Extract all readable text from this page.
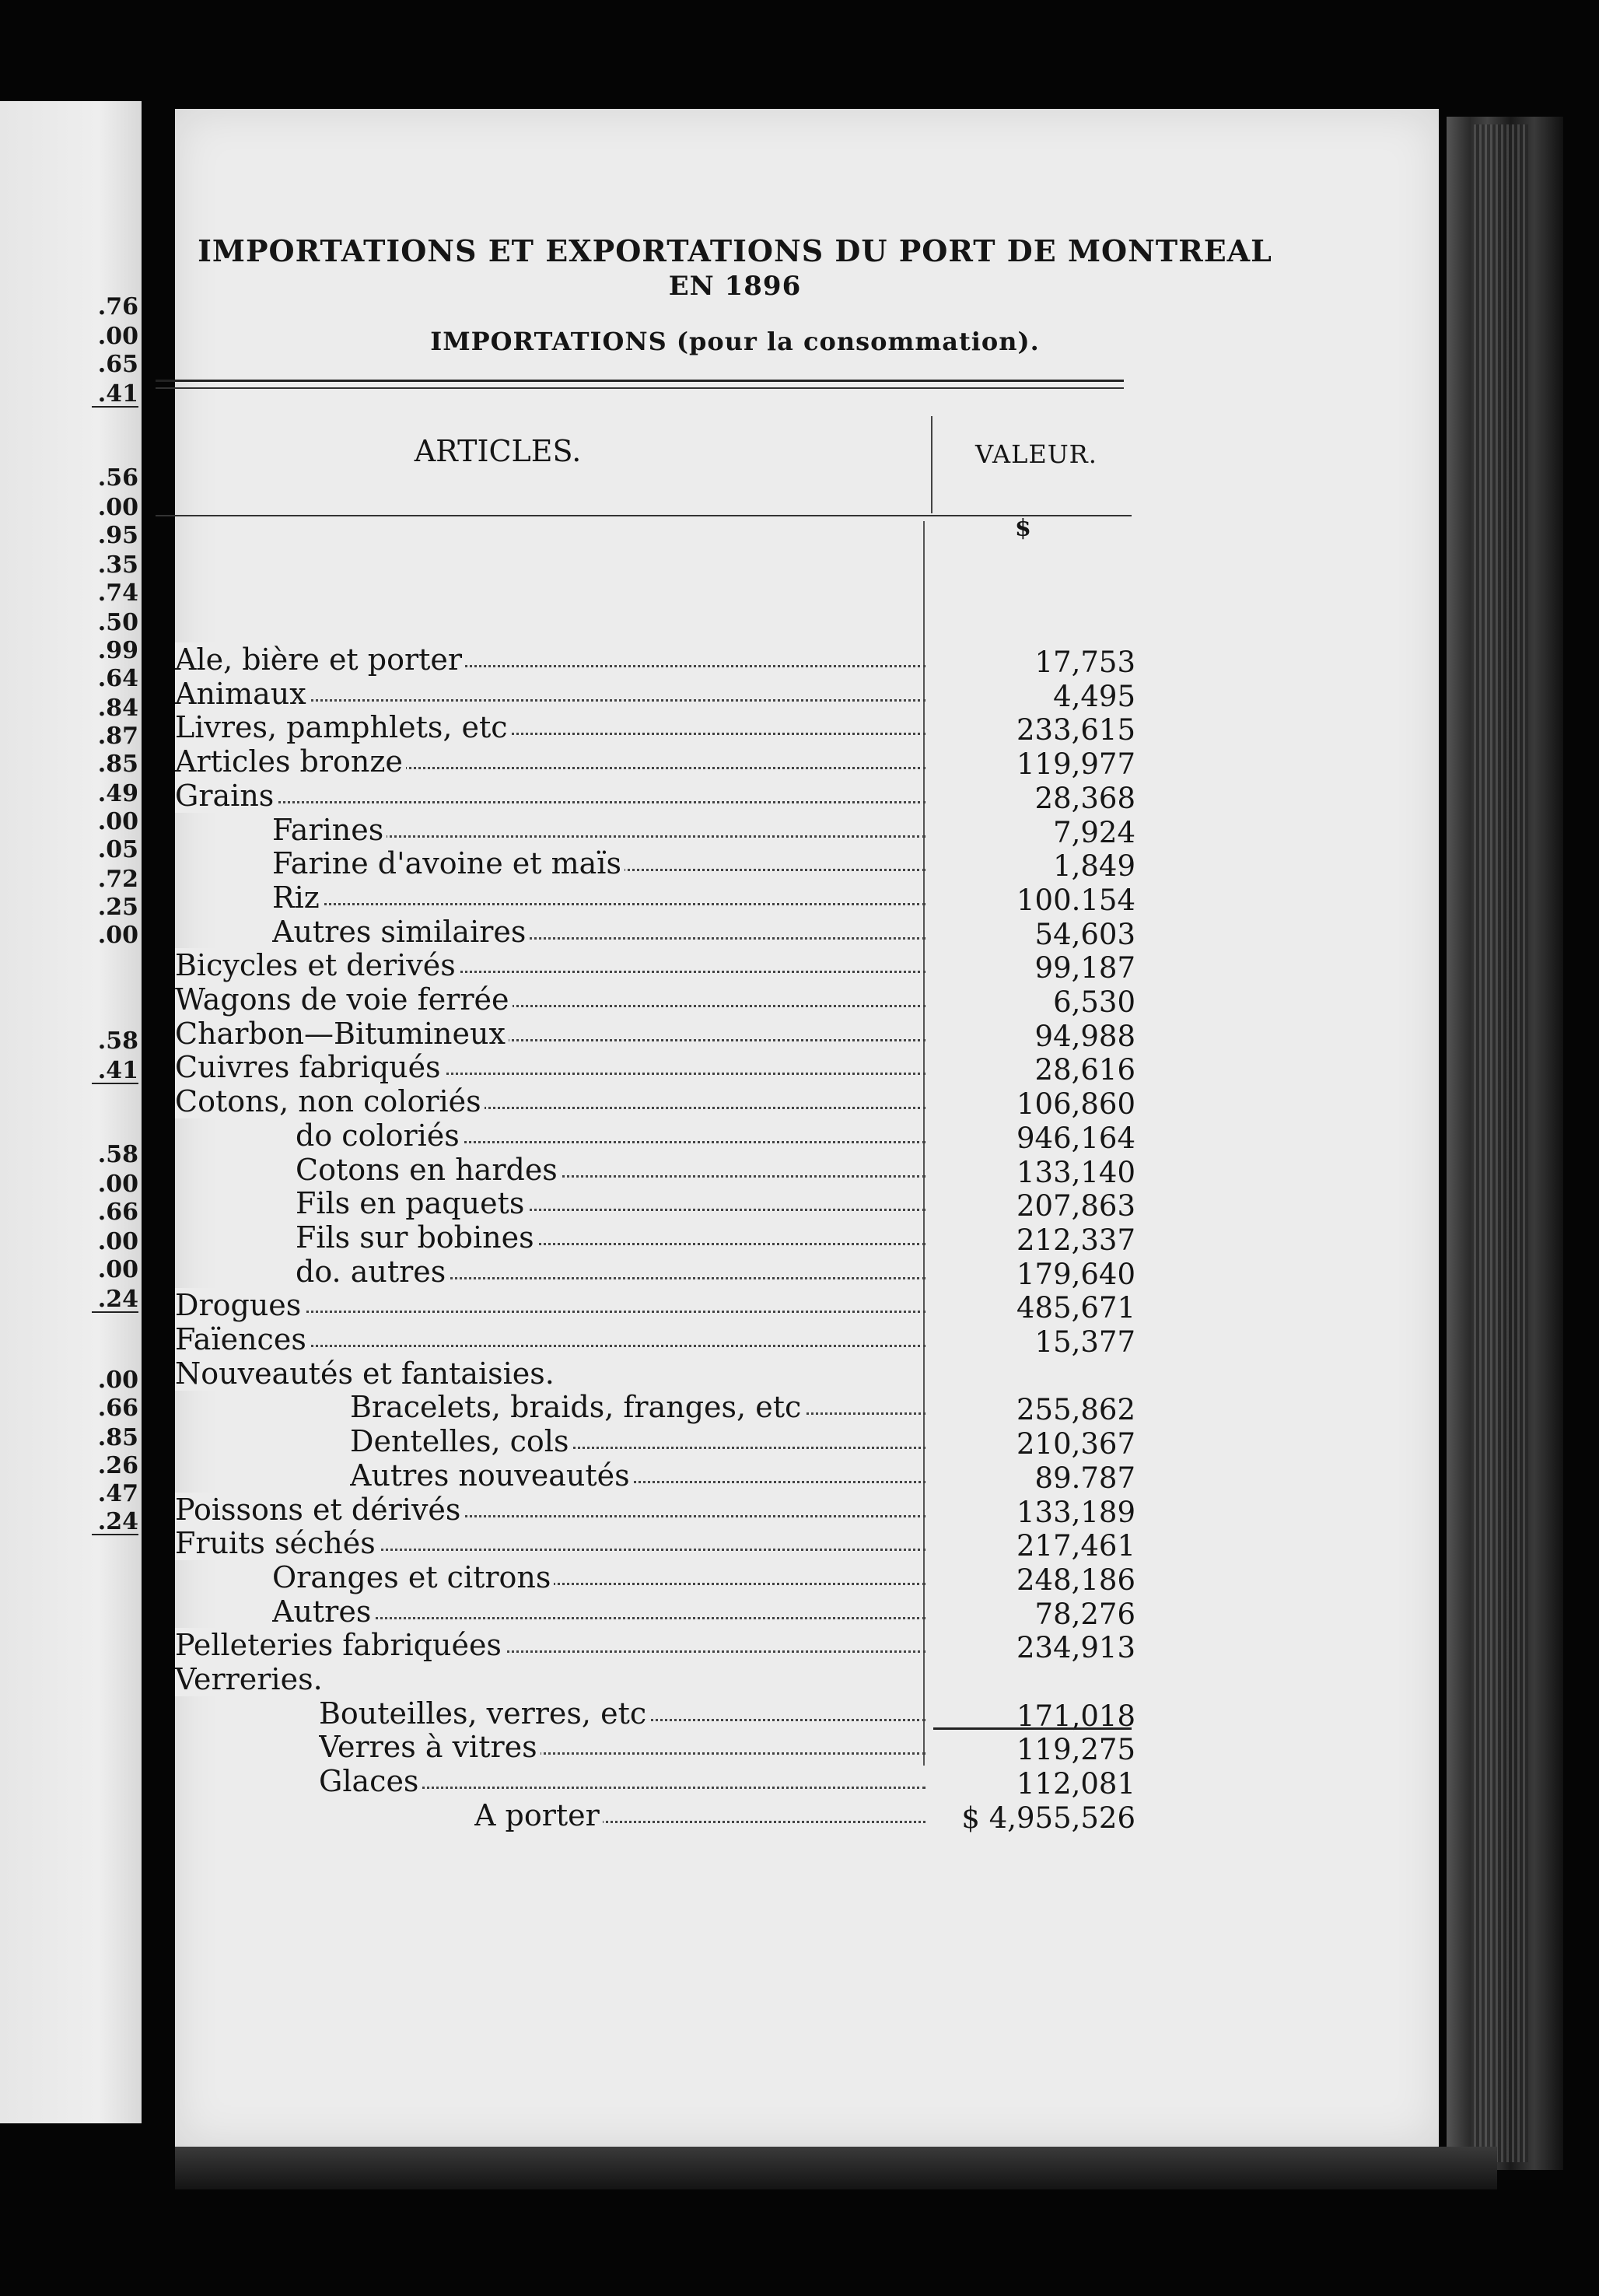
.76
.00
.65
.41
.56
.00
.95
.35
.74
.50
.99
.64
.84
.87
.85
.49
.00
.05
.72
.25
.00
.58
.41
.58
.00
.66
.00
.00
.24
.00
.66
.85
.26
.47
.24
IMPORTATIONS ET EXPORTATIONS DU PORT DE MONTREAL
EN 1896
IMPORTATIONS (pour la consommation).
ARTICLES.	VALEUR.
$
Ale, bière et porter	17,753
Animaux	4,495
Livres, pamphlets, etc	233,615
Articles bronze	119,977
Grains	28,368
Farines	7,924
Farine d'avoine et maïs	1,849
Riz	100.154
Autres similaires	54,603
Bicycles et derivés	99,187
Wagons de voie ferrée	6,530
Charbon—Bitumineux	94,988
Cuivres fabriqués	28,616
Cotons, non coloriés	106,860
do coloriés	946,164
Cotons en hardes	133,140
Fils en paquets	207,863
Fils sur bobines	212,337
do. autres	179,640
Drogues	485,671
Faïences	15,377
Nouveautés et fantaisies.
Bracelets, braids, franges, etc	255,862
Dentelles, cols	210,367
Autres nouveautés	89.787
Poissons et dérivés	133,189
Fruits séchés	217,461
Oranges et citrons	248,186
Autres	78,276
Pelleteries fabriquées	234,913
Verreries.
Bouteilles, verres, etc	171,018
Verres à vitres	119,275
Glaces	112,081
A porter	$ 4,955,526
